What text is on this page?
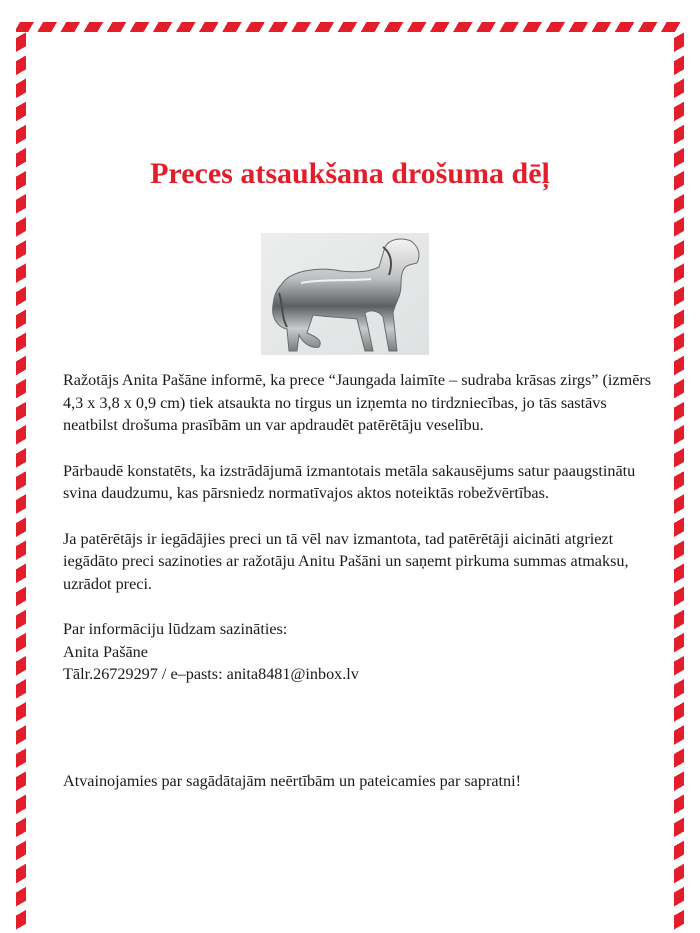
Preces atsaukšana drošuma dēļ

Ražotājs Anita Pašāne informē, ka prece “Jaungada laimīte – sudraba krāsas zirgs” (izmērs 4,3 x 3,8 x 0,9 cm) tiek atsaukta no tirgus un izņemta no tirdzniecības, jo tās sastāvs neatbilst drošuma prasībām un var apdraudēt patērētāju veselību.

Pārbaudē konstatēts, ka izstrādājumā izmantotais metāla sakausējums satur paaugstinātu svina daudzumu, kas pārsniedz normatīvajos aktos noteiktās robežvērtības.

Ja patērētājs ir iegādājies preci un tā vēl nav izmantota, tad patērētāji aicināti atgriezt iegādāto preci sazinoties ar ražotāju Anitu Pašāni un saņemt pirkuma summas atmaksu, uzrādot preci.

Par informāciju lūdzam sazināties:

Anita Pašāne

Tālr.26729297 / e–pasts: anita8481@inbox.lv

Atvainojamies par sagādātajām neērtībām un pateicamies par sapratni!
